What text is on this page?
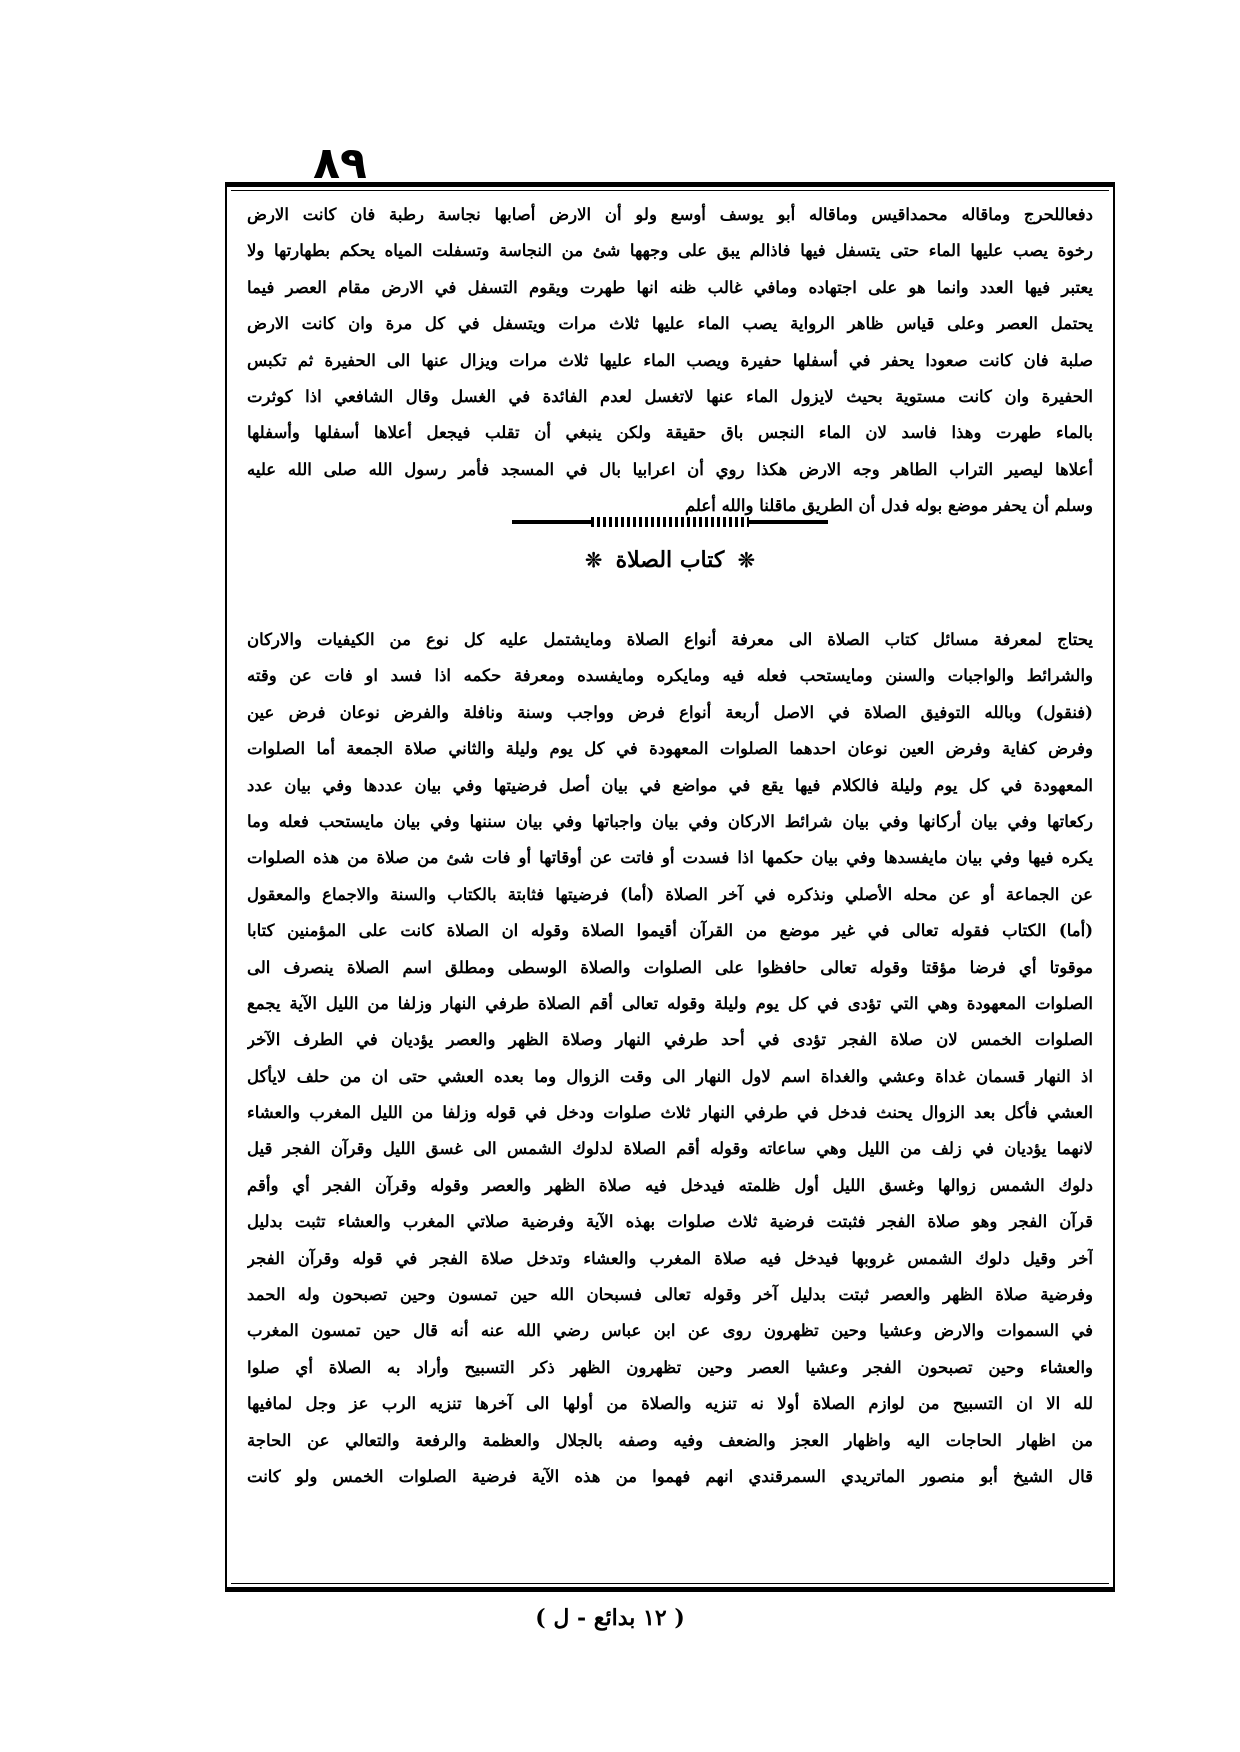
٨٩
دفعاللحرج وماقاله محمداقيس وماقاله أبو يوسف أوسع ولو أن الارض أصابها نجاسة رطبة فان كانت الارض
رخوة يصب عليها الماء حتى يتسفل فيها فاذالم يبق على وجهها شئ من النجاسة وتسفلت المياه يحكم بطهارتها ولا
يعتبر فيها العدد وانما هو على اجتهاده ومافي غالب ظنه انها طهرت ويقوم التسفل في الارض مقام العصر فيما
يحتمل العصر وعلى قياس ظاهر الرواية يصب الماء عليها ثلاث مرات ويتسفل في كل مرة وان كانت الارض
صلبة فان كانت صعودا يحفر في أسفلها حفيرة ويصب الماء عليها ثلاث مرات ويزال عنها الى الحفيرة ثم تكبس
الحفيرة وان كانت مستوية بحيث لايزول الماء عنها لاتغسل لعدم الفائدة في الغسل وقال الشافعي اذا كوثرت
بالماء طهرت وهذا فاسد لان الماء النجس باق حقيقة ولكن ينبغي أن تقلب فيجعل أعلاها أسفلها وأسفلها
أعلاها ليصير التراب الطاهر وجه الارض هكذا روي أن اعرابيا بال في المسجد فأمر رسول الله صلى الله عليه
وسلم أن يحفر موضع بوله فدل أن الطريق ماقلنا والله أعلم
❊ كتاب الصلاة ❊
يحتاج لمعرفة مسائل كتاب الصلاة الى معرفة أنواع الصلاة ومايشتمل عليه كل نوع من الكيفيات والاركان
والشرائط والواجبات والسنن ومايستحب فعله فيه ومايكره ومايفسده ومعرفة حكمه اذا فسد او فات عن وقته
(فنقول) وبالله التوفيق الصلاة في الاصل أربعة أنواع فرض وواجب وسنة ونافلة والفرض نوعان فرض عين
وفرض كفاية وفرض العين نوعان احدهما الصلوات المعهودة في كل يوم وليلة والثاني صلاة الجمعة أما الصلوات
المعهودة في كل يوم وليلة فالكلام فيها يقع في مواضع في بيان أصل فرضيتها وفي بيان عددها وفي بيان عدد
ركعاتها وفي بيان أركانها وفي بيان شرائط الاركان وفي بيان واجباتها وفي بيان سننها وفي بيان مايستحب فعله وما
يكره فيها وفي بيان مايفسدها وفي بيان حكمها اذا فسدت أو فاتت عن أوقاتها أو فات شئ من صلاة من هذه الصلوات
عن الجماعة أو عن محله الأصلي ونذكره في آخر الصلاة (أما) فرضيتها فثابتة بالكتاب والسنة والاجماع والمعقول
(أما) الكتاب فقوله تعالى في غير موضع من القرآن أقيموا الصلاة وقوله ان الصلاة كانت على المؤمنين كتابا
موقوتا أي فرضا مؤقتا وقوله تعالى حافظوا على الصلوات والصلاة الوسطى ومطلق اسم الصلاة ينصرف الى
الصلوات المعهودة وهي التي تؤدى في كل يوم وليلة وقوله تعالى أقم الصلاة طرفي النهار وزلفا من الليل الآية يجمع
الصلوات الخمس لان صلاة الفجر تؤدى في أحد طرفي النهار وصلاة الظهر والعصر يؤديان في الطرف الآخر
اذ النهار قسمان غداة وعشي والغداة اسم لاول النهار الى وقت الزوال وما بعده العشي حتى ان من حلف لايأكل
العشي فأكل بعد الزوال يحنث فدخل في طرفي النهار ثلاث صلوات ودخل في قوله وزلفا من الليل المغرب والعشاء
لانهما يؤديان في زلف من الليل وهي ساعاته وقوله أقم الصلاة لدلوك الشمس الى غسق الليل وقرآن الفجر قيل
دلوك الشمس زوالها وغسق الليل أول ظلمته فيدخل فيه صلاة الظهر والعصر وقوله وقرآن الفجر أي وأقم
قرآن الفجر وهو صلاة الفجر فثبتت فرضية ثلاث صلوات بهذه الآية وفرضية صلاتي المغرب والعشاء تثبت بدليل
آخر وقيل دلوك الشمس غروبها فيدخل فيه صلاة المغرب والعشاء وتدخل صلاة الفجر في قوله وقرآن الفجر
وفرضية صلاة الظهر والعصر ثبتت بدليل آخر وقوله تعالى فسبحان الله حين تمسون وحين تصبحون وله الحمد
في السموات والارض وعشيا وحين تظهرون روى عن ابن عباس رضي الله عنه أنه قال حين تمسون المغرب
والعشاء وحين تصبحون الفجر وعشيا العصر وحين تظهرون الظهر ذكر التسبيح وأراد به الصلاة أي صلوا
لله الا ان التسبيح من لوازم الصلاة أولا نه تنزيه والصلاة من أولها الى آخرها تنزيه الرب عز وجل لمافيها
من اظهار الحاجات اليه واظهار العجز والضعف وفيه وصفه بالجلال والعظمة والرفعة والتعالي عن الحاجة
قال الشيخ أبو منصور الماتريدي السمرقندي انهم فهموا من هذه الآية فرضية الصلوات الخمس ولو كانت
( ١٢ بدائع - ل )
